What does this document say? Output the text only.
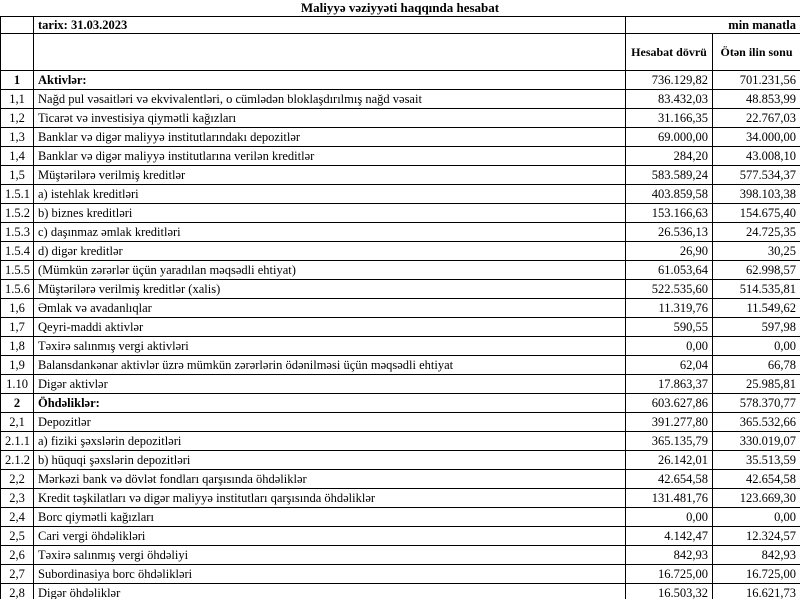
Maliyyə vəziyyəti haqqında hesabat
	tarix: 31.03.2023	min manatla	
		Hesabat dövrü	Ötən ilin sonu
1	Aktivlər:	736.129,82	701.231,56
1,1	Nağd pul vəsaitləri və ekvivalentləri, o cümlədən bloklaşdırılmış nağd vəsait	83.432,03	48.853,99
1,2	Ticarət və investisiya qiymətli kağızları	31.166,35	22.767,03
1,3	Banklar və digər maliyyə institutlarındakı depozitlər	69.000,00	34.000,00
1,4	Banklar və digər maliyyə institutlarına verilən kreditlər	284,20	43.008,10
1,5	Müştərilərə verilmiş kreditlər	583.589,24	577.534,37
1.5.1	a) istehlak kreditləri	403.859,58	398.103,38
1.5.2	b) biznes kreditləri	153.166,63	154.675,40
1.5.3	c) daşınmaz əmlak kreditləri	26.536,13	24.725,35
1.5.4	d) digər kreditlər	26,90	30,25
1.5.5	(Mümkün zərərlər üçün yaradılan məqsədli ehtiyat)	61.053,64	62.998,57
1.5.6	Müştərilərə verilmiş kreditlər (xalis)	522.535,60	514.535,81
1,6	Əmlak və avadanlıqlar	11.319,76	11.549,62
1,7	Qeyri-maddi aktivlər	590,55	597,98
1,8	Təxirə salınmış vergi aktivləri	0,00	0,00
1,9	Balansdankənar aktivlər üzrə mümkün zərərlərin ödənilməsi üçün məqsədli ehtiyat	62,04	66,78
1.10	Digər aktivlər	17.863,37	25.985,81
2	Öhdəliklər:	603.627,86	578.370,77
2,1	Depozitlər	391.277,80	365.532,66
2.1.1	a) fiziki şəxslərin depozitləri	365.135,79	330.019,07
2.1.2	b) hüquqi şəxslərin depozitləri	26.142,01	35.513,59
2,2	Mərkəzi bank və dövlət fondları qarşısında öhdəliklər	42.654,58	42.654,58
2,3	Kredit təşkilatları və digər maliyyə institutları qarşısında öhdəliklər	131.481,76	123.669,30
2,4	Borc qiymətli kağızları	0,00	0,00
2,5	Cari vergi öhdəlikləri	4.142,47	12.324,57
2,6	Təxirə salınmış vergi öhdəliyi	842,93	842,93
2,7	Subordinasiya borc öhdəlikləri	16.725,00	16.725,00
2,8	Digər öhdəliklər	16.503,32	16.621,73
